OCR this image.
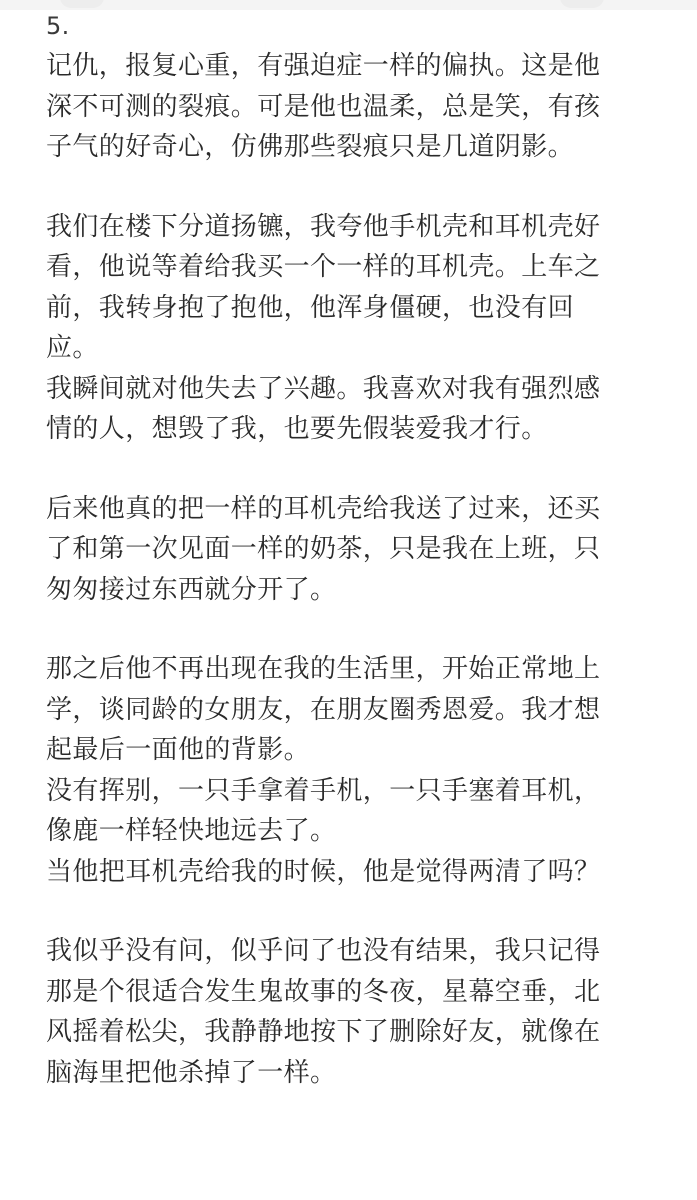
5.
记仇，报复心重，有强迫症一样的偏执。这是他
深不可测的裂痕。可是他也温柔，总是笑，有孩
子气的好奇心，仿佛那些裂痕只是几道阴影。
我们在楼下分道扬镳，我夸他手机壳和耳机壳好
看，他说等着给我买一个一样的耳机壳。上车之
前，我转身抱了抱他，他浑身僵硬，也没有回
应。
我瞬间就对他失去了兴趣。我喜欢对我有强烈感
情的人，想毁了我，也要先假装爱我才行。
后来他真的把一样的耳机壳给我送了过来，还买
了和第一次见面一样的奶茶，只是我在上班，只
匆匆接过东西就分开了。
那之后他不再出现在我的生活里，开始正常地上
学，谈同龄的女朋友，在朋友圈秀恩爱。我才想
起最后一面他的背影。
没有挥别，一只手拿着手机，一只手塞着耳机，
像鹿一样轻快地远去了。
当他把耳机壳给我的时候，他是觉得两清了吗？
我似乎没有问，似乎问了也没有结果，我只记得
那是个很适合发生鬼故事的冬夜，星幕空垂，北
风摇着松尖，我静静地按下了删除好友，就像在
脑海里把他杀掉了一样。
